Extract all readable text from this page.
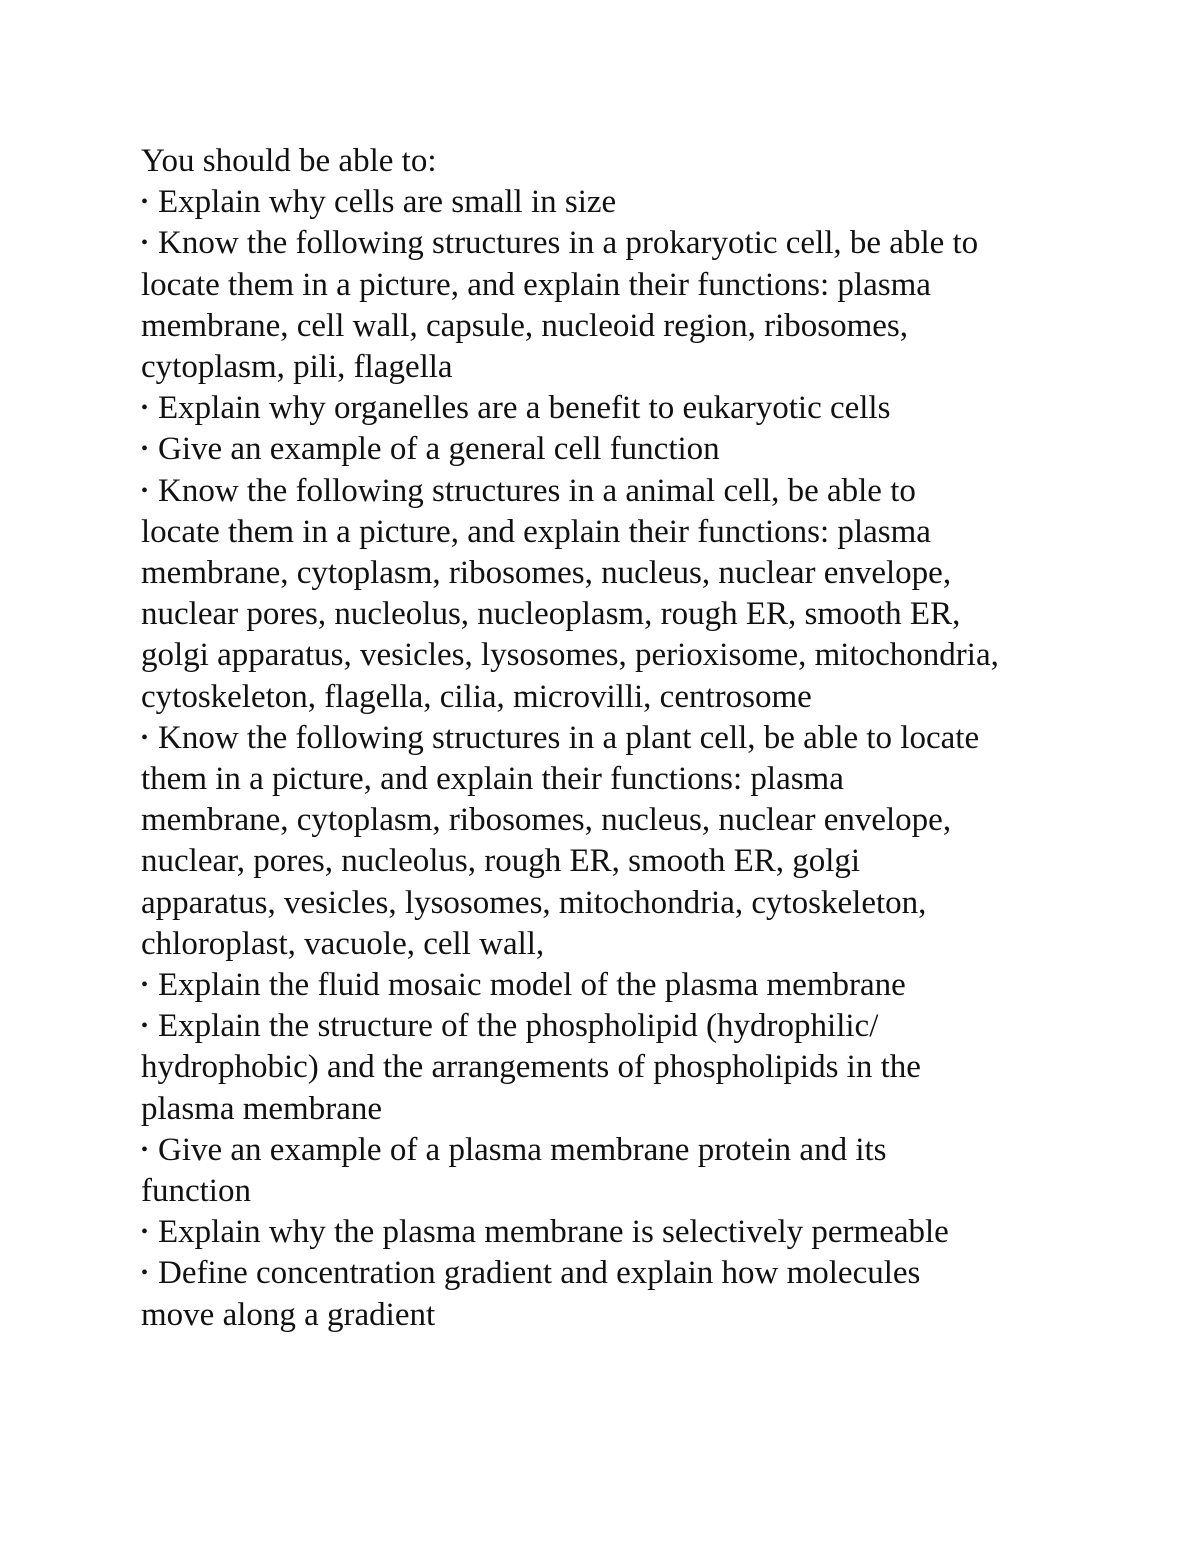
You should be able to:
• Explain why cells are small in size
• Know the following structures in a prokaryotic cell, be able to
locate them in a picture, and explain their functions: plasma
membrane, cell wall, capsule, nucleoid region, ribosomes,
cytoplasm, pili, flagella
• Explain why organelles are a benefit to eukaryotic cells
• Give an example of a general cell function
• Know the following structures in a animal cell, be able to
locate them in a picture, and explain their functions: plasma
membrane, cytoplasm, ribosomes, nucleus, nuclear envelope,
nuclear pores, nucleolus, nucleoplasm, rough ER, smooth ER,
golgi apparatus, vesicles, lysosomes, perioxisome, mitochondria,
cytoskeleton, flagella, cilia, microvilli, centrosome
• Know the following structures in a plant cell, be able to locate
them in a picture, and explain their functions: plasma
membrane, cytoplasm, ribosomes, nucleus, nuclear envelope,
nuclear, pores, nucleolus, rough ER, smooth ER, golgi
apparatus, vesicles, lysosomes, mitochondria, cytoskeleton,
chloroplast, vacuole, cell wall,
• Explain the fluid mosaic model of the plasma membrane
• Explain the structure of the phospholipid (hydrophilic/
hydrophobic) and the arrangements of phospholipids in the
plasma membrane
• Give an example of a plasma membrane protein and its
function
• Explain why the plasma membrane is selectively permeable
• Define concentration gradient and explain how molecules
move along a gradient
